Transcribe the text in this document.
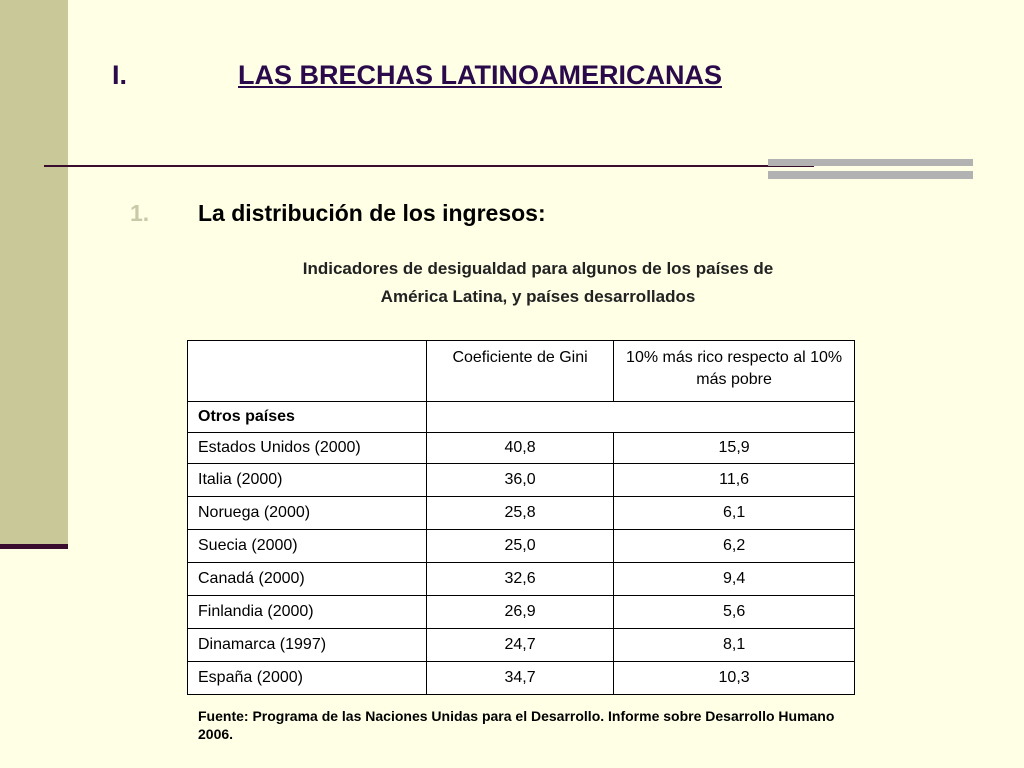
I.	LAS BRECHAS LATINOAMERICANAS
1. La distribución de los ingresos:
Indicadores de desigualdad para algunos de los países de
América Latina, y países desarrollados
	Coeficiente de Gini	10% más rico respecto al 10% más pobre
Otros países		
Estados Unidos (2000)	40,8	15,9
Italia (2000)	36,0	11,6
Noruega (2000)	25,8	6,1
Suecia (2000)	25,0	6,2
Canadá (2000)	32,6	9,4
Finlandia (2000)	26,9	5,6
Dinamarca (1997)	24,7	8,1
España (2000)	34,7	10,3
Fuente: Programa de las Naciones Unidas para el Desarrollo. Informe sobre Desarrollo Humano 2006.
